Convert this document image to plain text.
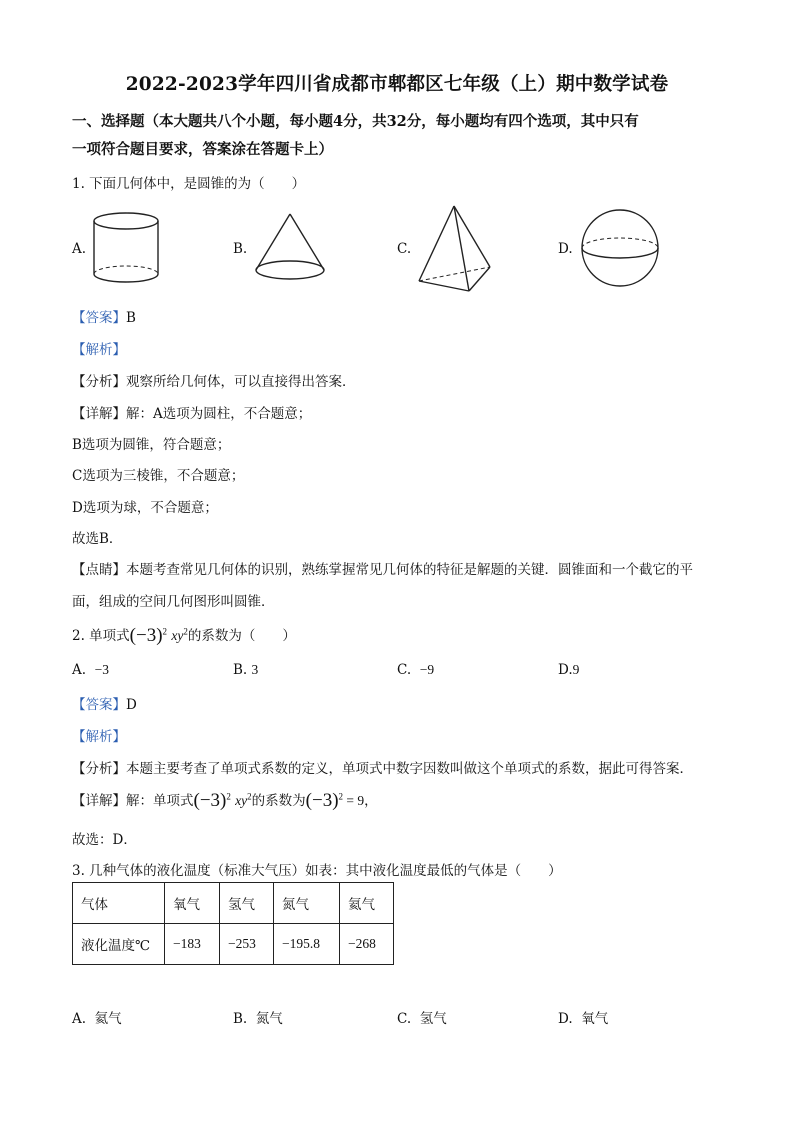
2022-2023学年四川省成都市郫都区七年级（上）期中数学试卷
一、选择题（本大题共八个小题，每小题4分，共32分，每小题均有四个选项，其中只有
一项符合题目要求，答案涂在答题卡上）
1. 下面几何体中，是圆锥的为（　　）
A.	B.	C.	D.
【答案】B
【解析】
【分析】观察所给几何体，可以直接得出答案．
【详解】解：A选项为圆柱，不合题意；
B选项为圆锥，符合题意；
C选项为三棱锥，不合题意；
D选项为球，不合题意；
故选B．
【点睛】本题考查常见几何体的识别，熟练掌握常见几何体的特征是解题的关键．圆锥面和一个截它的平
面，组成的空间几何图形叫圆锥．
2. 单项式$(-3)^2$ $xy^2$的系数为（　　）
A. −3	B. 3	C. −9	D.9
【答案】D
【解析】
【分析】本题主要考查了单项式系数的定义，单项式中数字因数叫做这个单项式的系数，据此可得答案．
【详解】解：单项式$(-3)^2$ $xy^2$的系数为$(-3)^2 = 9$，
故选：D．
3. 几种气体的液化温度（标准大气压）如表：其中液化温度最低的气体是（　　）
气体	氧气	氢气	氮气	氦气
液化温度℃	−183	−253	−195.8	−268
A. 氦气	B. 氮气	C. 氢气	D. 氧气
